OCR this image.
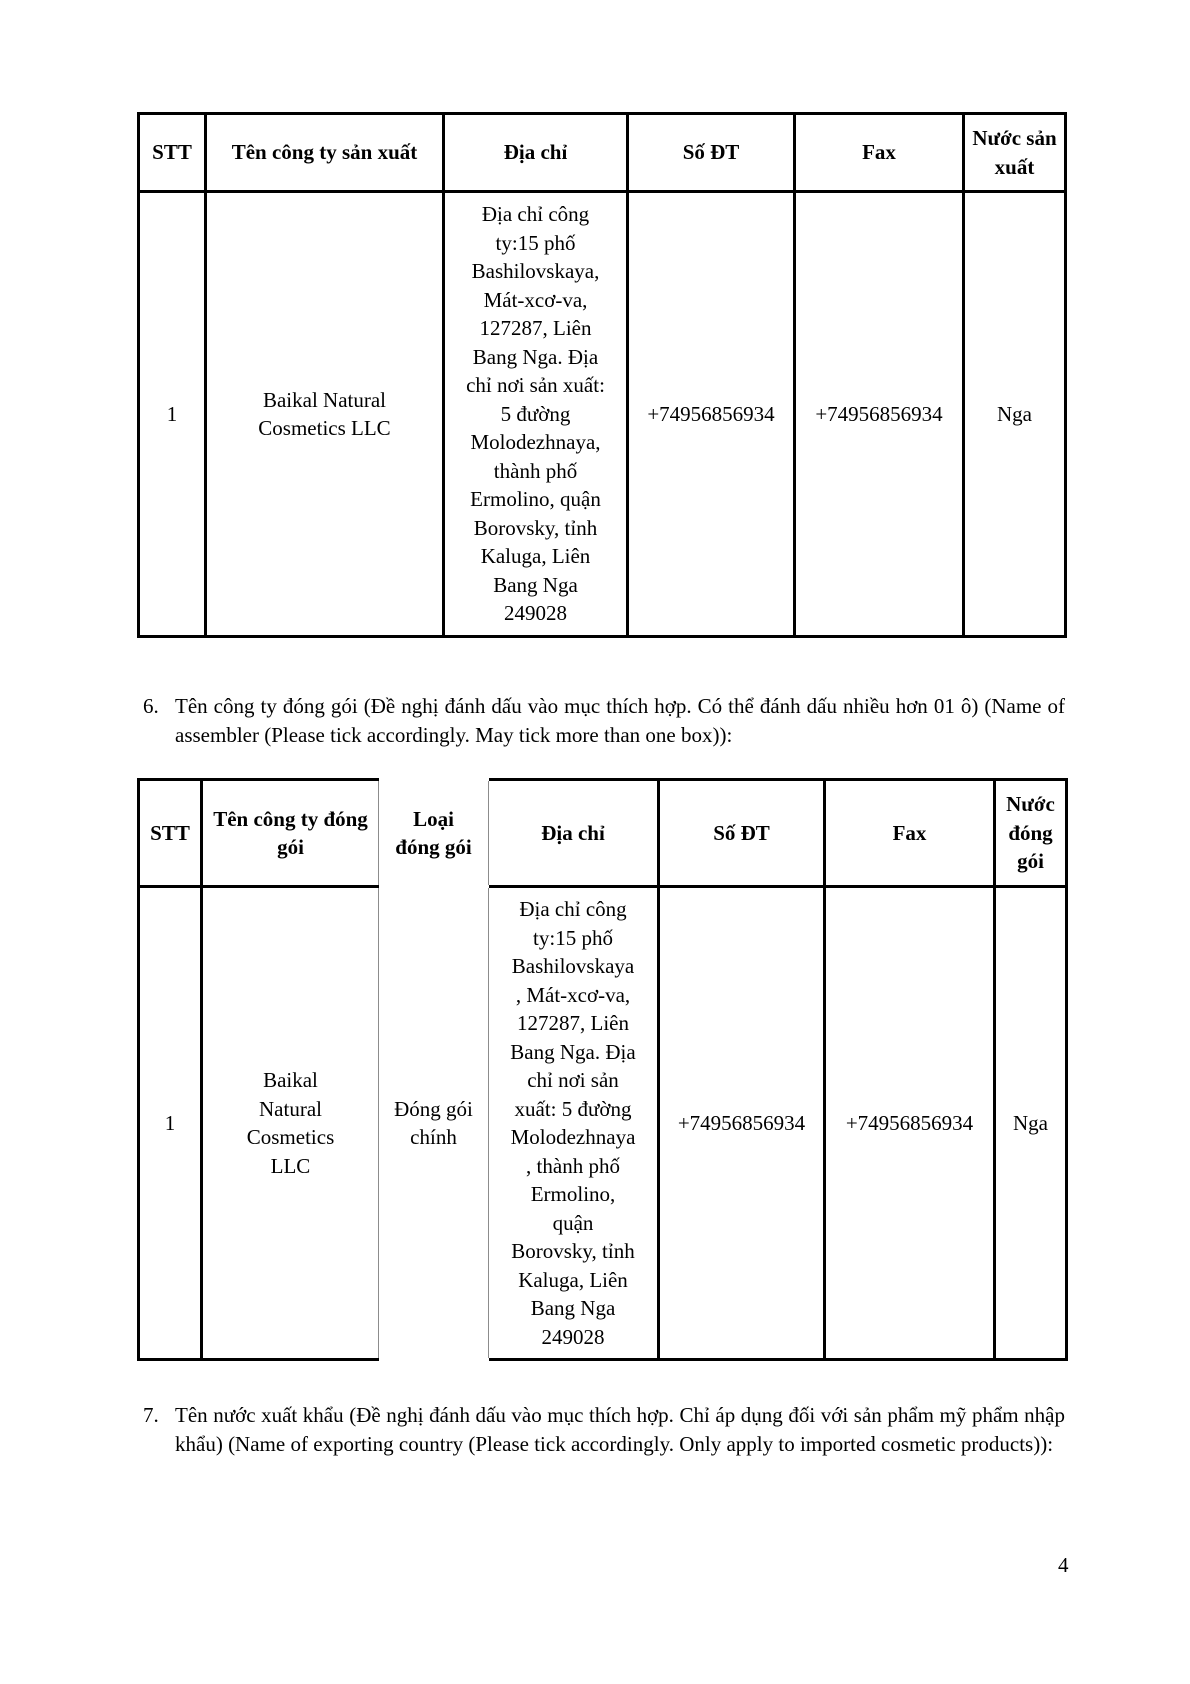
STT	Tên công ty sản xuất	Địa chỉ	Số ĐT	Fax	Nước sản xuất
1	Baikal Natural Cosmetics LLC	Địa chỉ công ty:15 phố Bashilovskaya, Mát-xcơ-va, 127287, Liên Bang Nga. Địa chỉ nơi sản xuất: 5 đường Molodezhnaya, thành phố Ermolino, quận Borovsky, tỉnh Kaluga, Liên Bang Nga 249028	+74956856934	+74956856934	Nga
6. Tên công ty đóng gói (Đề nghị đánh dấu vào mục thích hợp. Có thể đánh dấu nhiều hơn 01 ô) (Name of assembler (Please tick accordingly. May tick more than one box)):
STT	Tên công ty đóng gói	Loại đóng gói	Địa chỉ	Số ĐT	Fax	Nước đóng gói
1	Baikal Natural Cosmetics LLC	Đóng gói chính	Địa chỉ công ty:15 phố Bashilovskaya, Mát-xcơ-va, 127287, Liên Bang Nga. Địa chỉ nơi sản xuất: 5 đường Molodezhnaya, thành phố Ermolino, quận Borovsky, tỉnh Kaluga, Liên Bang Nga 249028	+74956856934	+74956856934	Nga
7. Tên nước xuất khẩu (Đề nghị đánh dấu vào mục thích hợp. Chỉ áp dụng đối với sản phẩm mỹ phẩm nhập khẩu) (Name of exporting country (Please tick accordingly. Only apply to imported cosmetic products)):
4
